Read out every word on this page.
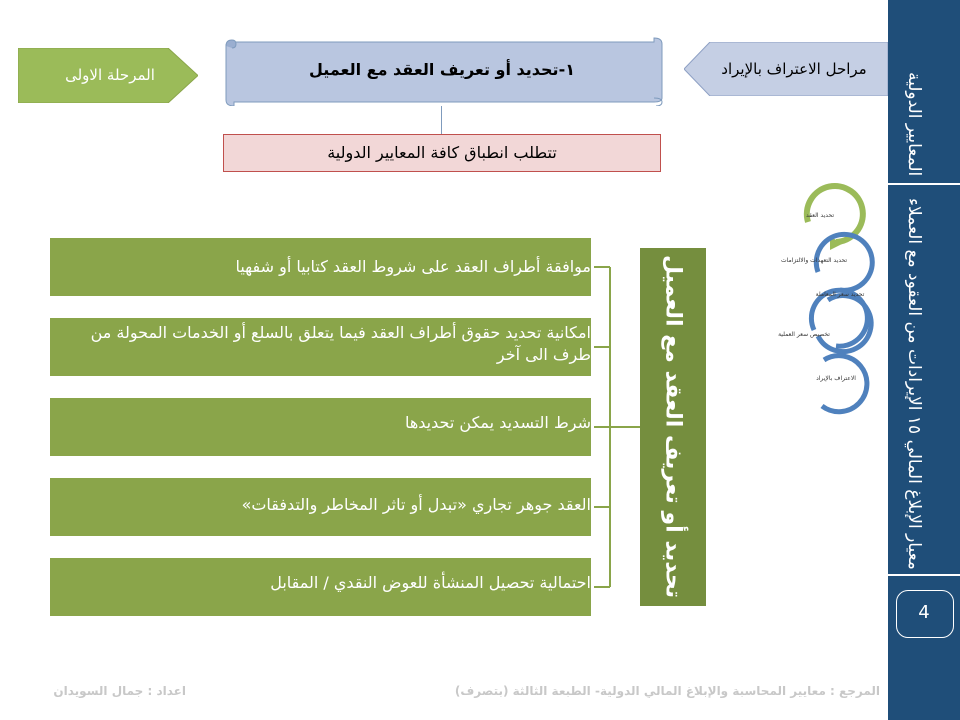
المعايير الدولية
معيار الإبلاغ المالي ١٥ الإيرادات من العقود مع العملاء
4
المرحلة الاولى	١-تحديد أو تعريف العقد مع العميل	مراحل الاعتراف بالإيراد
تتطلب انطباق كافة المعايير الدولية
موافقة أطراف العقد على شروط العقد كتابيا أو شفهيا
امكانية تحديد حقوق أطراف العقد فيما يتعلق بالسلع أو الخدمات المحولة من طرف الى آخر
شرط التسديد يمكن تحديدها
العقد جوهر تجاري «تبدل أو تاثر المخاطر والتدفقات»
احتمالية تحصيل المنشأة للعوض النقدي / المقابل	تحديد أو تعريف العقد مع العميل
تحديد العقد
تحديد التعهدات والالتزامات
تحديد سعر المعاملة
تخصيص سعر العملية
الاعتراف بالإيراد
المرجع : معايير المحاسبة والإبلاغ المالي الدولية- الطبعة الثالثة (بتصرف)
اعداد : جمال السويدان
